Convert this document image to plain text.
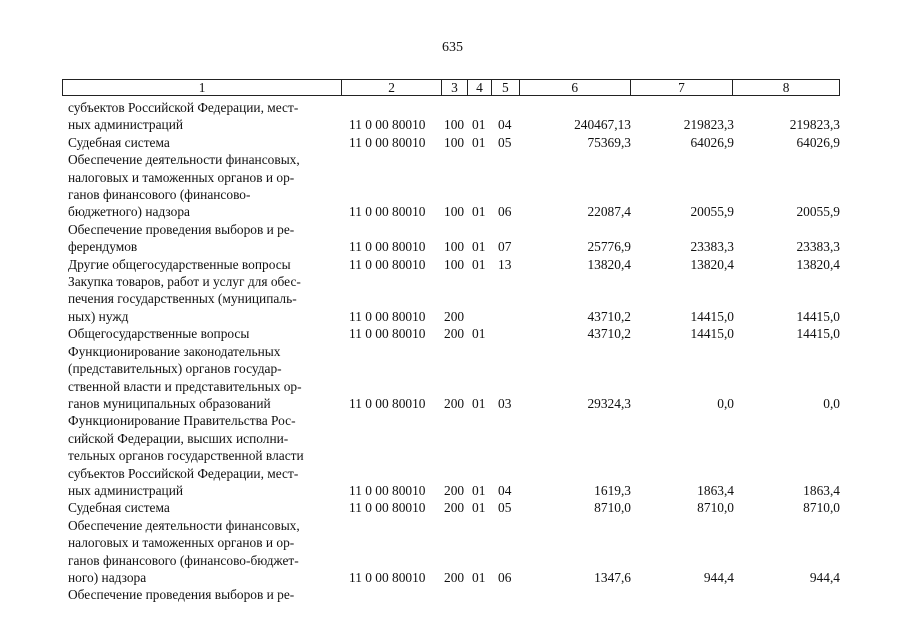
635
1	2	3	4	5	6	7	8
субъектов Российской Федерации, мест-
ных администраций	11 0 00 80010	100 01 04	240467,13	219823,3	219823,3
Судебная система	11 0 00 80010	100 01 05	75369,3	64026,9	64026,9
Обеспечение деятельности финансовых,
налоговых и таможенных органов и ор-
ганов финансового (финансово-
бюджетного) надзора	11 0 00 80010	100 01 06	22087,4	20055,9	20055,9
Обеспечение проведения выборов и ре-
ферендумов	11 0 00 80010	100 01 07	25776,9	23383,3	23383,3
Другие общегосударственные вопросы	11 0 00 80010	100 01 13	13820,4	13820,4	13820,4
Закупка товаров, работ и услуг для обес-
печения государственных (муниципаль-
ных) нужд	11 0 00 80010	200	43710,2	14415,0	14415,0
Общегосударственные вопросы	11 0 00 80010	200 01	43710,2	14415,0	14415,0
Функционирование законодательных
(представительных) органов государ-
ственной власти и представительных ор-
ганов муниципальных образований	11 0 00 80010	200 01 03	29324,3	0,0	0,0
Функционирование Правительства Рос-
сийской Федерации, высших исполни-
тельных органов государственной власти
субъектов Российской Федерации, мест-
ных администраций	11 0 00 80010	200 01 04	1619,3	1863,4	1863,4
Судебная система	11 0 00 80010	200 01 05	8710,0	8710,0	8710,0
Обеспечение деятельности финансовых,
налоговых и таможенных органов и ор-
ганов финансового (финансово-бюджет-
ного) надзора	11 0 00 80010	200 01 06	1347,6	944,4	944,4
Обеспечение проведения выборов и ре-
